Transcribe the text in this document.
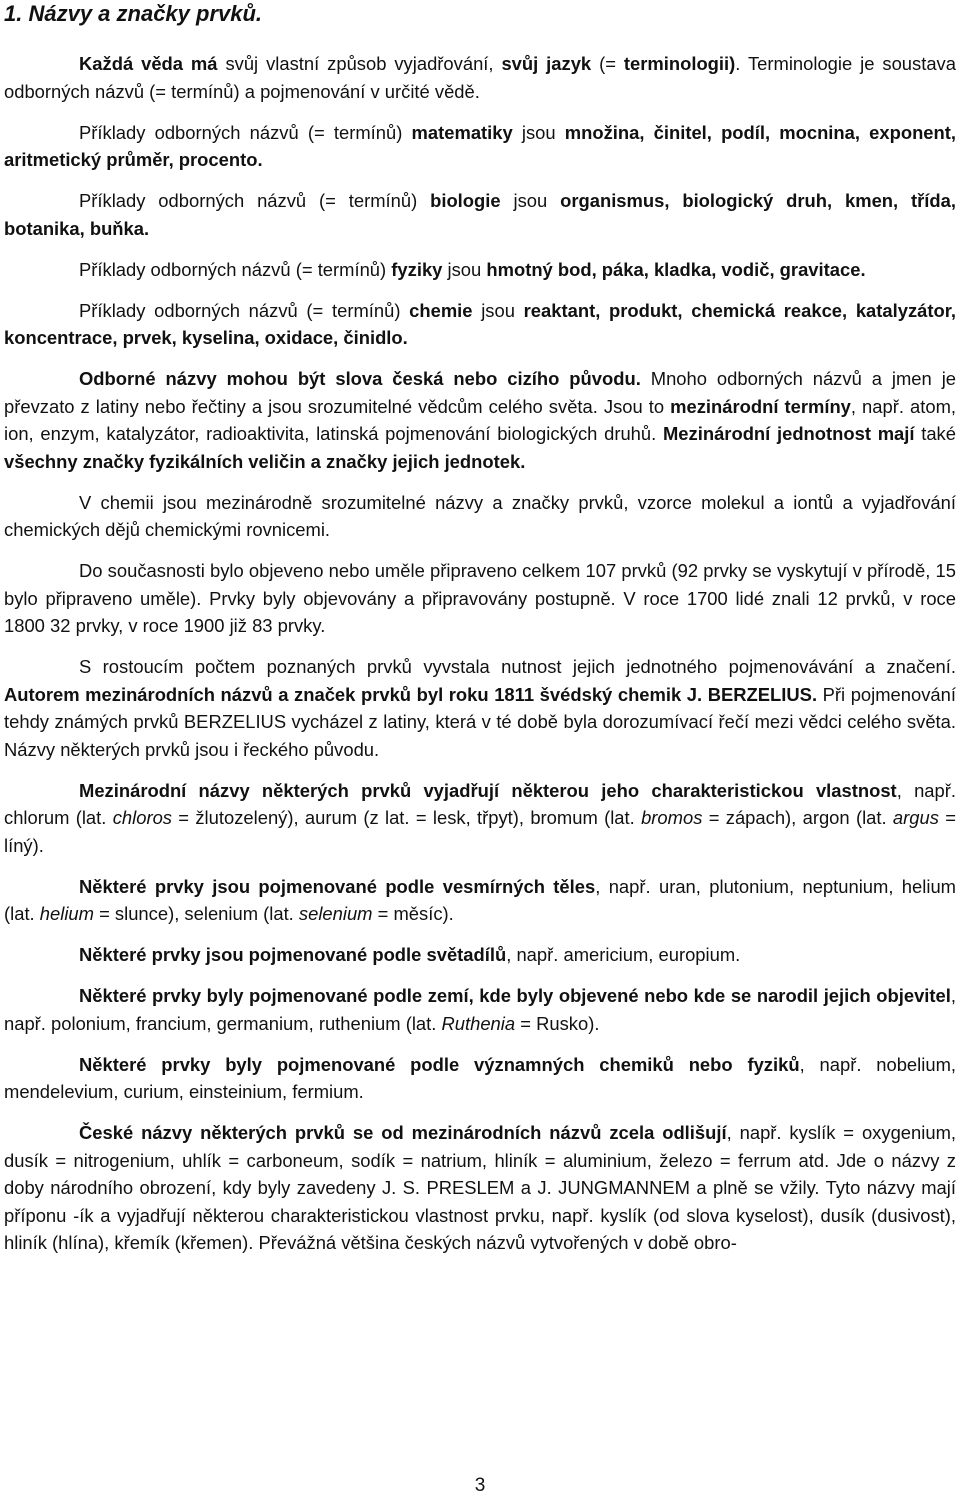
1. Názvy a značky prvků.

Každá věda má svůj vlastní způsob vyjadřování, svůj jazyk (= terminologii). Terminologie je soustava odborných názvů (= termínů) a pojmenování v určité vědě.

Příklady odborných názvů (= termínů) matematiky jsou množina, činitel, podíl, mocnina, exponent, aritmetický průměr, procento.

Příklady odborných názvů (= termínů) biologie jsou organismus, biologický druh, kmen, třída, botanika, buňka.

Příklady odborných názvů (= termínů) fyziky jsou hmotný bod, páka, kladka, vodič, gravitace.

Příklady odborných názvů (= termínů) chemie jsou reaktant, produkt, chemická reakce, katalyzátor, koncentrace, prvek, kyselina, oxidace, činidlo.

Odborné názvy mohou být slova česká nebo cizího původu. Mnoho odborných názvů a jmen je převzato z latiny nebo řečtiny a jsou srozumitelné vědcům celého světa. Jsou to mezinárodní termíny, např. atom, ion, enzym, katalyzátor, radioaktivita, latinská pojmenování biologických druhů. Mezinárodní jednotnost mají také všechny značky fyzikálních veličin a značky jejich jednotek.

V chemii jsou mezinárodně srozumitelné názvy a značky prvků, vzorce molekul a iontů a vyjadřování chemických dějů chemickými rovnicemi.

Do současnosti bylo objeveno nebo uměle připraveno celkem 107 prvků (92 prvky se vyskytují v přírodě, 15 bylo připraveno uměle). Prvky byly objevovány a připravovány postupně. V roce 1700 lidé znali 12 prvků, v roce 1800 32 prvky, v roce 1900 již 83 prvky.

S rostoucím počtem poznaných prvků vyvstala nutnost jejich jednotného pojmenovávání a značení. Autorem mezinárodních názvů a značek prvků byl roku 1811 švédský chemik J. BERZELIUS. Při pojmenování tehdy známých prvků BERZELIUS vycházel z latiny, která v té době byla dorozumívací řečí mezi vědci celého světa. Názvy některých prvků jsou i řeckého původu.

Mezinárodní názvy některých prvků vyjadřují některou jeho charakteristickou vlastnost, např. chlorum (lat. chloros = žlutozelený), aurum (z lat. = lesk, třpyt), bromum (lat. bromos = zápach), argon (lat. argus = líný).

Některé prvky jsou pojmenované podle vesmírných těles, např. uran, plutonium, neptunium, helium (lat. helium = slunce), selenium (lat. selenium = měsíc).

Některé prvky jsou pojmenované podle světadílů, např. americium, europium.

Některé prvky byly pojmenované podle zemí, kde byly objevené nebo kde se narodil jejich objevitel, např. polonium, francium, germanium, ruthenium (lat. Ruthenia = Rusko).

Některé prvky byly pojmenované podle významných chemiků nebo fyziků, např. nobelium, mendelevium, curium, einsteinium, fermium.

České názvy některých prvků se od mezinárodních názvů zcela odlišují, např. kyslík = oxygenium, dusík = nitrogenium, uhlík = carboneum, sodík = natrium, hliník = aluminium, železo = ferrum atd. Jde o názvy z doby národního obrození, kdy byly zavedeny J. S. PRESLEM a J. JUNGMANNEM a plně se vžily. Tyto názvy mají příponu -ík a vyjadřují některou charakteristickou vlastnost prvku, např. kyslík (od slova kyselost), dusík (dusivost), hliník (hlína), křemík (křemen). Převážná většina českých názvů vytvořených v době obro-

3
